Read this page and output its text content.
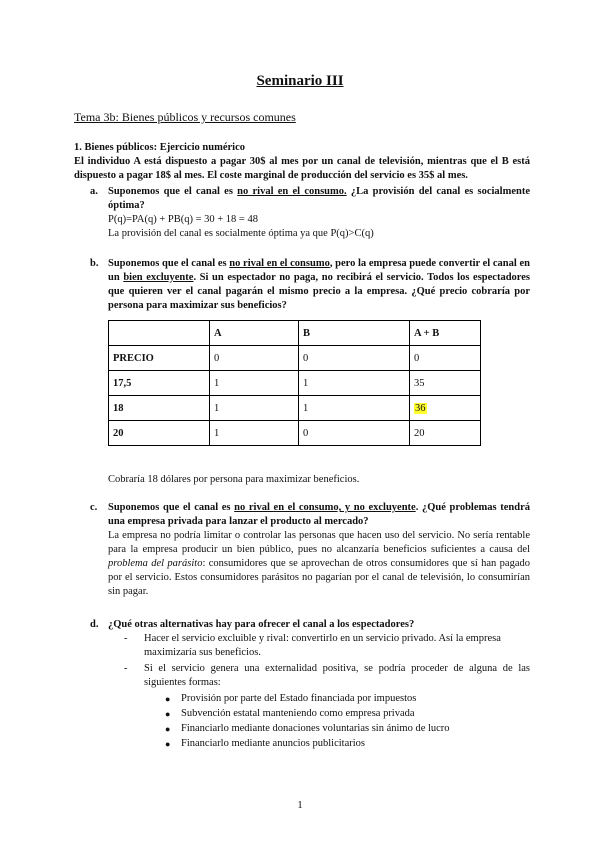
Seminario III
Tema 3b: Bienes públicos y recursos comunes
1. Bienes públicos: Ejercicio numérico
El individuo A está dispuesto a pagar 30$ al mes por un canal de televisión, mientras que el B está dispuesto a pagar 18$ al mes. El coste marginal de producción del servicio es 35$ al mes.
a. Suponemos que el canal es no rival en el consumo. ¿La provisión del canal es socialmente óptima?
P(q)=PA(q) + PB(q) = 30 + 18 = 48
La provisión del canal es socialmente óptima ya que P(q)>C(q)
b. Suponemos que el canal es no rival en el consumo, pero la empresa puede convertir el canal en un bien excluyente. Si un espectador no paga, no recibirá el servicio. Todos los espectadores que quieren ver el canal pagarán el mismo precio a la empresa. ¿Qué precio cobraría por persona para maximizar sus beneficios?
	A	B	A + B
PRECIO	0	0	0
17,5	1	1	35
18	1	1	36
20	1	0	20
Cobraría 18 dólares por persona para maximizar beneficios.
c. Suponemos que el canal es no rival en el consumo, y no excluyente. ¿Qué problemas tendrá una empresa privada para lanzar el producto al mercado?
La empresa no podría limitar o controlar las personas que hacen uso del servicio. No sería rentable para la empresa producir un bien público, pues no alcanzaría beneficios suficientes a causa del problema del parásito: consumidores que se aprovechan de otros consumidores que sí han pagado por el servicio. Estos consumidores parásitos no pagarían por el canal de televisión, lo consumirían sin pagar.
d. ¿Qué otras alternativas hay para ofrecer el canal a los espectadores?
- Hacer el servicio excluible y rival: convertirlo en un servicio privado. Así la empresa maximizaría sus beneficios.
- Si el servicio genera una externalidad positiva, se podría proceder de alguna de las siguientes formas:
● Provisión por parte del Estado financiada por impuestos
● Subvención estatal manteniendo como empresa privada
● Financiarlo mediante donaciones voluntarias sin ánimo de lucro
● Financiarlo mediante anuncios publicitarios
1
